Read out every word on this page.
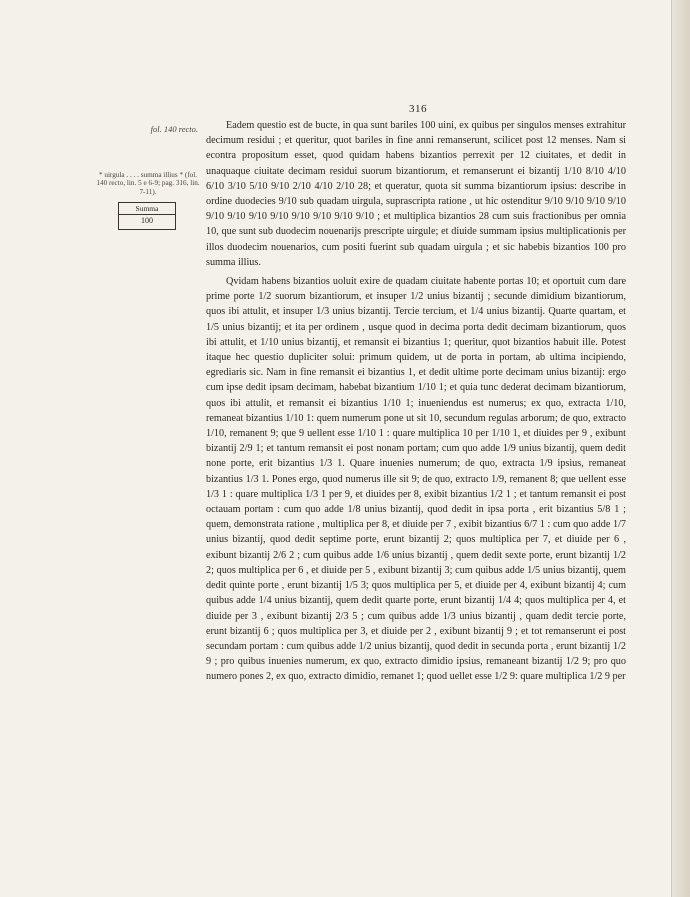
316
fol. 140 recto.
* uirgula . . . . summa illius * (fol. 140 recto, lin. 5 e 6-9; pag. 316, lin. 7-11).
Summa
100

Eadem questio est de bucte, in qua sunt bariles 100 uini, ex quibus per singulos menses extrahitur decimum residui ; et queritur, quot bariles in fine anni remanserunt, scilicet post 12 menses. Nam si econtra propositum esset, quod quidam habens bizantios perrexit per 12 ciuitates, et dedit in unaquaque ciuitate decimam residui suorum bizantiorum, et remanserunt ei bizantij 1/10 8/10 4/10 6/10 3/10 5/10 9/10 2/10 4/10 2/10 28; et queratur, quota sit summa bizantiorum ipsius: describe in ordine duodecies 9/10 sub quadam uirgula, suprascripta ratione , ut hic ostenditur 9/10 9/10 9/10 9/10 9/10 9/10 9/10 9/10 9/10 9/10 9/10 9/10 ; et multiplica bizantios 28 cum suis fractionibus per omnia 10, que sunt sub duodecim nouenarijs prescripte uirgule; et diuide summam ipsius multiplicationis per illos duodecim nouenarios, cum positi fuerint sub quadam uirgula ; et sic habebis bizantios 100 pro summa illius.

Qvidam habens bizantios uoluit exire de quadam ciuitate habente portas 10; et oportuit cum dare prime porte 1/2 suorum bizantiorum, et insuper 1/2 unius bizantij ; secunde dimidium bizantiorum, quos ibi attulit, et insuper 1/3 unius bizantij. Tercie tercium, et 1/4 unius bizantij. Quarte quartam, et 1/5 unius bizantij; et ita per ordinem , usque quod in decima porta dedit decimam bizantiorum, quos ibi attulit, et 1/10 unius bizantij, et remansit ei bizantius 1; queritur, quot bizantios habuit ille. Potest itaque hec questio dupliciter solui: primum quidem, ut de porta in portam, ab ultima incipiendo, egrediaris sic. Nam in fine remansit ei bizantius 1, et dedit ultime porte decimam unius bizantij: ergo cum ipse dedit ipsam decimam, habebat bizantium 1/10 1; et quia tunc dederat decimam bizantiorum, quos ibi attulit, et remansit ei bizantius 1/10 1; inueniendus est numerus; ex quo, extracta 1/10, remaneat bizantius 1/10 1: quem numerum pone ut sit 10, secundum regulas arborum; de quo, extracto 1/10, remanent 9; que 9 uellent esse 1/10 1 : quare multiplica 10 per 1/10 1, et diuides per 9 , exibunt bizantij 2/9 1; et tantum remansit ei post nonam portam; cum quo adde 1/9 unius bizantij, quem dedit none porte, erit bizantius 1/3 1. Quare inuenies numerum; de quo, extracta 1/9 ipsius, remaneat bizantius 1/3 1. Pones ergo, quod numerus ille sit 9; de quo, extracto 1/9, remanent 8; que uellent esse 1/3 1 : quare multiplica 1/3 1 per 9, et diuides per 8, exibit bizantius 1/2 1 ; et tantum remansit ei post octauam portam : cum quo adde 1/8 unius bizantij, quod dedit in ipsa porta , erit bizantius 5/8 1 ; quem, demonstrata ratione , multiplica per 8, et diuide per 7 , exibit bizantius 6/7 1 : cum quo adde 1/7 unius bizantij, quod dedit septime porte, erunt bizantij 2; quos multiplica per 7, et diuide per 6 , exibunt bizantij 2/6 2 ; cum quibus adde 1/6 unius bizantij , quem dedit sexte porte, erunt bizantij 1/2 2; quos multiplica per 6 , et diuide per 5 , exibunt bizantij 3; cum quibus adde 1/5 unius bizantij, quem dedit quinte porte , erunt bizantij 1/5 3; quos multiplica per 5, et diuide per 4, exibunt bizantij 4; cum quibus adde 1/4 unius bizantij, quem dedit quarte porte, erunt bizantij 1/4 4; quos multiplica per 4, et diuide per 3 , exibunt bizantij 2/3 5 ; cum quibus adde 1/3 unius bizantij , quam dedit tercie porte, erunt bizantij 6 ; quos multiplica per 3, et diuide per 2 , exibunt bizantij 9 ; et tot remanserunt ei post secundam portam : cum quibus adde 1/2 unius bizantij, quod dedit in secunda porta , erunt bizantij 1/2 9 ; pro quibus inuenies numerum, ex quo, extracto dimidio ipsius, remaneant bizantij 1/2 9; pro quo numero pones 2, ex quo, extracto dimidio, remanet 1; quod uellet esse 1/2 9: quare multiplica 1/2 9 per
